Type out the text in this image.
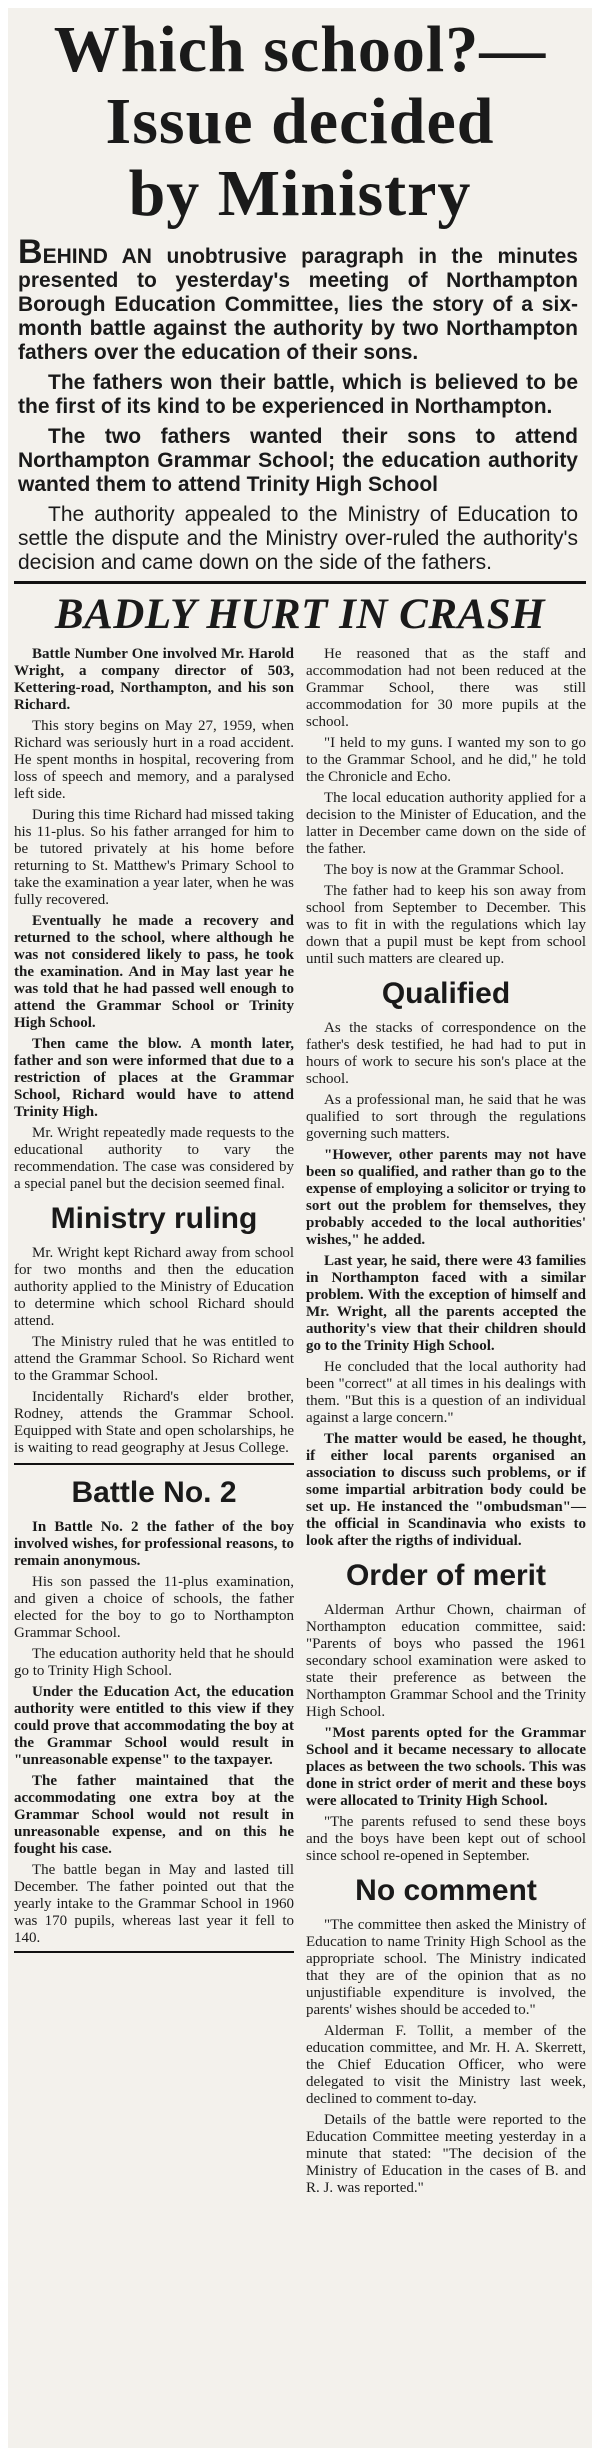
Which school?—
Issue decided
by Ministry

BEHIND AN unobtrusive paragraph in the minutes presented to yesterday's meeting of Northampton Borough Education Committee, lies the story of a six-month battle against the authority by two Northampton fathers over the education of their sons.

The fathers won their battle, which is believed to be the first of its kind to be experienced in Northampton.

The two fathers wanted their sons to attend Northampton Grammar School; the education authority wanted them to attend Trinity High School

The authority appealed to the Ministry of Education to settle the dispute and the Ministry over-ruled the authority's decision and came down on the side of the fathers.

BADLY HURT IN CRASH

Battle Number One involved Mr. Harold Wright, a company director of 503, Kettering-road, Northampton, and his son Richard.

This story begins on May 27, 1959, when Richard was seriously hurt in a road accident. He spent months in hospital, recovering from loss of speech and memory, and a paralysed left side.

During this time Richard had missed taking his 11-plus. So his father arranged for him to be tutored privately at his home before returning to St. Matthew's Primary School to take the examination a year later, when he was fully recovered.

Eventually he made a recovery and returned to the school, where although he was not considered likely to pass, he took the examination. And in May last year he was told that he had passed well enough to attend the Grammar School or Trinity High School.

Then came the blow. A month later, father and son were informed that due to a restriction of places at the Grammar School, Richard would have to attend Trinity High.

Mr. Wright repeatedly made requests to the educational authority to vary the recommendation. The case was considered by a special panel but the decision seemed final.

Ministry ruling

Mr. Wright kept Richard away from school for two months and then the education authority applied to the Ministry of Education to determine which school Richard should attend.

The Ministry ruled that he was entitled to attend the Grammar School. So Richard went to the Grammar School.

Incidentally Richard's elder brother, Rodney, attends the Grammar School. Equipped with State and open scholarships, he is waiting to read geography at Jesus College.

Battle No. 2

In Battle No. 2 the father of the boy involved wishes, for professional reasons, to remain anonymous.

His son passed the 11-plus examination, and given a choice of schools, the father elected for the boy to go to Northampton Grammar School.

The education authority held that he should go to Trinity High School.

Under the Education Act, the education authority were entitled to this view if they could prove that accommodating the boy at the Grammar School would result in "unreasonable expense" to the taxpayer.

The father maintained that the accommodating one extra boy at the Grammar School would not result in unreasonable expense, and on this he fought his case.

The battle began in May and lasted till December. The father pointed out that the yearly intake to the Grammar School in 1960 was 170 pupils, whereas last year it fell to 140.

He reasoned that as the staff and accommodation had not been reduced at the Grammar School, there was still accommodation for 30 more pupils at the school.

"I held to my guns. I wanted my son to go to the Grammar School, and he did," he told the Chronicle and Echo.

The local education authority applied for a decision to the Minister of Education, and the latter in December came down on the side of the father.

The boy is now at the Grammar School.

The father had to keep his son away from school from September to December. This was to fit in with the regulations which lay down that a pupil must be kept from school until such matters are cleared up.

Qualified

As the stacks of correspondence on the father's desk testified, he had had to put in hours of work to secure his son's place at the school.

As a professional man, he said that he was qualified to sort through the regulations governing such matters.

"However, other parents may not have been so qualified, and rather than go to the expense of employing a solicitor or trying to sort out the problem for themselves, they probably acceded to the local authorities' wishes," he added.

Last year, he said, there were 43 families in Northampton faced with a similar problem. With the exception of himself and Mr. Wright, all the parents accepted the authority's view that their children should go to the Trinity High School.

He concluded that the local authority had been "correct" at all times in his dealings with them. "But this is a question of an individual against a large concern."

The matter would be eased, he thought, if either local parents organised an association to discuss such problems, or if some impartial arbitration body could be set up. He instanced the "ombudsman"—the official in Scandinavia who exists to look after the rigths of individual.

Order of merit

Alderman Arthur Chown, chairman of Northampton education committee, said: "Parents of boys who passed the 1961 secondary school examination were asked to state their preference as between the Northampton Grammar School and the Trinity High School.

"Most parents opted for the Grammar School and it became necessary to allocate places as between the two schools. This was done in strict order of merit and these boys were allocated to Trinity High School.

"The parents refused to send these boys and the boys have been kept out of school since school re-opened in September.

No comment

"The committee then asked the Ministry of Education to name Trinity High School as the appropriate school. The Ministry indicated that they are of the opinion that as no unjustifiable expenditure is involved, the parents' wishes should be acceded to."

Alderman F. Tollit, a member of the education committee, and Mr. H. A. Skerrett, the Chief Education Officer, who were delegated to visit the Ministry last week, declined to comment to-day.

Details of the battle were reported to the Education Committee meeting yesterday in a minute that stated: "The decision of the Ministry of Education in the cases of B. and R. J. was reported."
